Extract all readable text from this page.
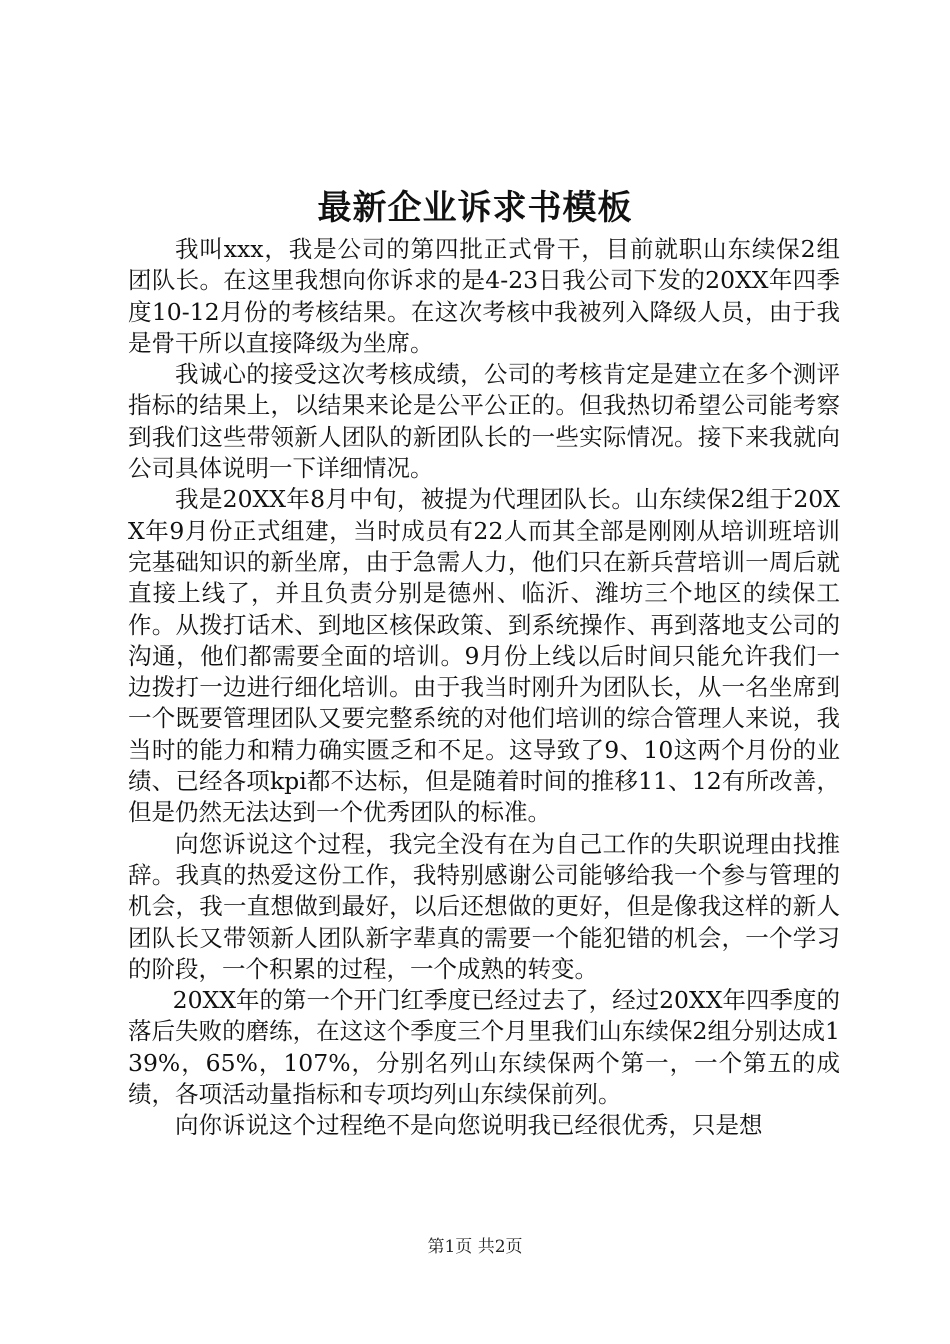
最新企业诉求书模板

我叫xxx，我是公司的第四批正式骨干，目前就职山东续保2组团队长。在这里我想向你诉求的是4-23日我公司下发的20XX年四季度10-12月份的考核结果。在这次考核中我被列入降级人员，由于我是骨干所以直接降级为坐席。

我诚心的接受这次考核成绩，公司的考核肯定是建立在多个测评指标的结果上，以结果来论是公平公正的。但我热切希望公司能考察到我们这些带领新人团队的新团队长的一些实际情况。接下来我就向公司具体说明一下详细情况。

我是20XX年8月中旬，被提为代理团队长。山东续保2组于20XX年9月份正式组建，当时成员有22人而其全部是刚刚从培训班培训完基础知识的新坐席，由于急需人力，他们只在新兵营培训一周后就直接上线了，并且负责分别是德州、临沂、潍坊三个地区的续保工作。从拨打话术、到地区核保政策、到系统操作、再到落地支公司的沟通，他们都需要全面的培训。9月份上线以后时间只能允许我们一边拨打一边进行细化培训。由于我当时刚升为团队长，从一名坐席到一个既要管理团队又要完整系统的对他们培训的综合管理人来说，我当时的能力和精力确实匮乏和不足。这导致了9、10这两个月份的业绩、已经各项kpi都不达标，但是随着时间的推移11、12有所改善，但是仍然无法达到一个优秀团队的标准。

向您诉说这个过程，我完全没有在为自己工作的失职说理由找推辞。我真的热爱这份工作，我特别感谢公司能够给我一个参与管理的机会，我一直想做到最好，以后还想做的更好，但是像我这样的新人团队长又带领新人团队新字辈真的需要一个能犯错的机会，一个学习的阶段，一个积累的过程，一个成熟的转变。

20XX年的第一个开门红季度已经过去了，经过20XX年四季度的落后失败的磨练，在这这个季度三个月里我们山东续保2组分别达成139%，65%，107%，分别名列山东续保两个第一，一个第五的成绩，各项活动量指标和专项均列山东续保前列。

向你诉说这个过程绝不是向您说明我已经很优秀，只是想

第1页 共2页
